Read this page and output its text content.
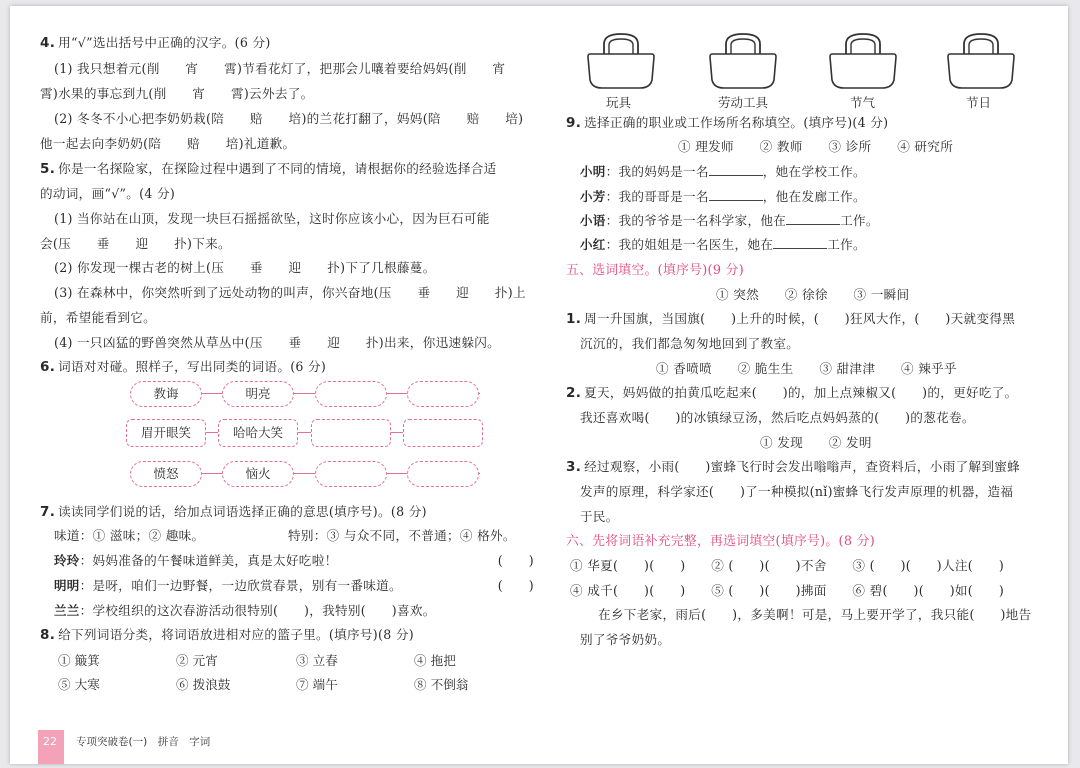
4. 用“√”选出括号中正确的汉字。(6 分)
(1) 我只想着元(削　　宵　　霄)节看花灯了，把那会儿嚷着要给妈妈(削　　宵
霄)水果的事忘到九(削　　宵　　霄)云外去了。
(2) 冬冬不小心把李奶奶栽(陪　　赔　　培)的兰花打翻了，妈妈(陪　　赔　　培)
他一起去向李奶奶(陪　　赔　　培)礼道歉。
5. 你是一名探险家，在探险过程中遇到了不同的情境，请根据你的经验选择合适
的动词，画“√”。(4 分)
(1) 当你站在山顶，发现一块巨石摇摇欲坠，这时你应该小心，因为巨石可能
会(压　　垂　　迎　　扑)下来。
(2) 你发现一棵古老的树上(压　　垂　　迎　　扑)下了几根藤蔓。
(3) 在森林中，你突然听到了远处动物的叫声，你兴奋地(压　　垂　　迎　　扑)上
前，希望能看到它。
(4) 一只凶猛的野兽突然从草丛中(压　　垂　　迎　　扑)出来，你迅速躲闪。
6. 词语对对碰。照样子，写出同类的词语。(6 分)
教诲	明亮
眉开眼笑	哈哈大笑
愤怒	恼火
7. 读读同学们说的话，给加点词语选择正确的意思(填序号)。(8 分)
味道：① 滋味；② 趣味。	特别：③ 与众不同，不普通；④ 格外。
玲玲：妈妈准备的午餐味道鲜美，真是太好吃啦！	(　　)
明明：是呀，咱们一边野餐，一边欣赏春景，别有一番味道。	(　　)
兰兰：学校组织的这次春游活动很特别(　　)，我特别(　　)喜欢。
8. 给下列词语分类，将词语放进相对应的篮子里。(填序号)(8 分)
① 簸箕	② 元宵	③ 立春	④ 拖把
⑤ 大寒	⑥ 拨浪鼓	⑦ 端午	⑧ 不倒翁
玩具	劳动工具	节气	节日
9. 选择正确的职业或工作场所名称填空。(填序号)(4 分)
① 理发师　　② 教师　　③ 诊所　　④ 研究所
小明：我的妈妈是一名	，她在学校工作。
小芳：我的哥哥是一名	，他在发廊工作。
小语：我的爷爷是一名科学家，他在	工作。
小红：我的姐姐是一名医生，她在	工作。
五、选词填空。(填序号)(9 分)
① 突然　　② 徐徐　　③ 一瞬间
1. 周一升国旗，当国旗(　　)上升的时候，(　　)狂风大作，(　　)天就变得黑
沉沉的，我们都急匆匆地回到了教室。
① 香喷喷　　② 脆生生　　③ 甜津津　　④ 辣乎乎
2. 夏天，妈妈做的拍黄瓜吃起来(　　)的，加上点辣椒又(　　)的，更好吃了。
我还喜欢喝(　　)的冰镇绿豆汤，然后吃点妈妈蒸的(　　)的葱花卷。
① 发现　　② 发明
3. 经过观察，小雨(　　)蜜蜂飞行时会发出嗡嗡声，查资料后，小雨了解到蜜蜂
发声的原理，科学家还(　　)了一种模拟(nǐ)蜜蜂飞行发声原理的机器，造福
于民。
六、先将词语补充完整，再选词填空(填序号)。(8 分)
① 华夏(　　)(　　)　　② (　　)(　　)不舍　　③ (　　)(　　)人注(　　)
④ 成千(　　)(　　)　　⑤ (　　)(　　)拂面　　⑥ 碧(　　)(　　)如(　　)
在乡下老家，雨后(　　)，多美啊！可是，马上要开学了，我只能(　　)地告
别了爷爷奶奶。
22 专项突破卷(一)　拼音　字词
